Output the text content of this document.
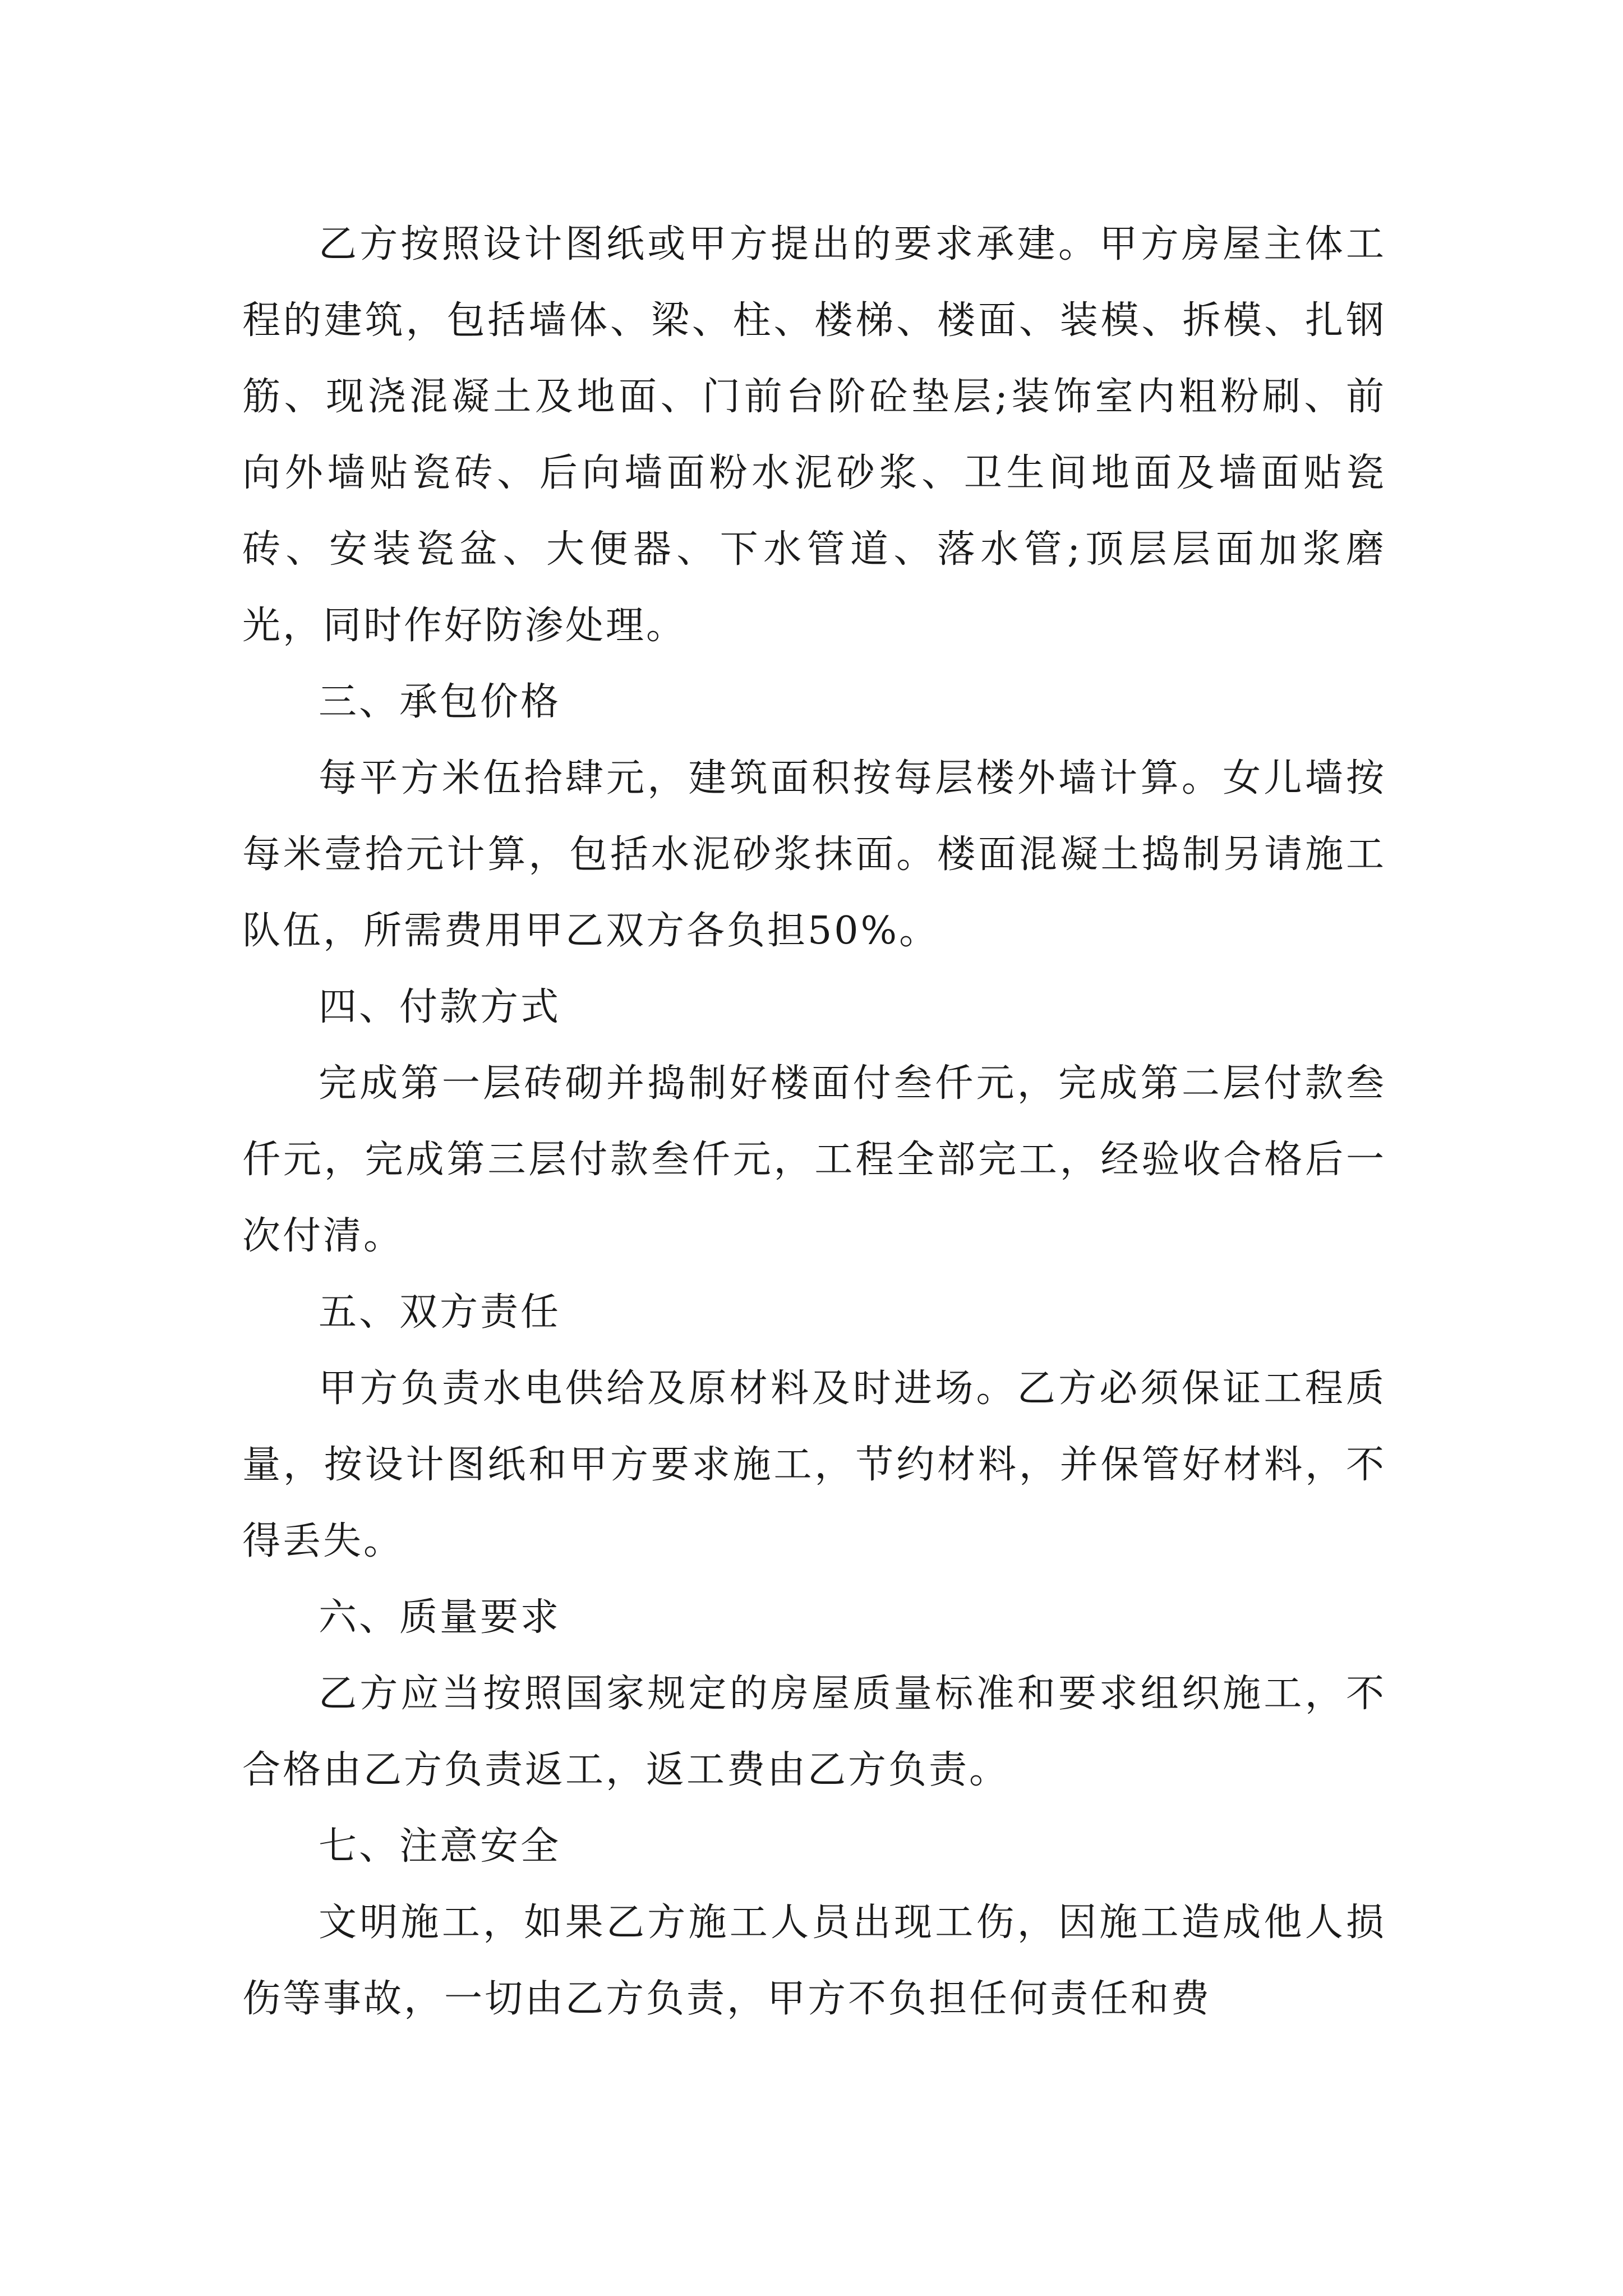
乙方按照设计图纸或甲方提出的要求承建。甲方房屋主体工程的建筑，包括墙体、梁、柱、楼梯、楼面、装模、拆模、扎钢筋、现浇混凝土及地面、门前台阶砼垫层;装饰室内粗粉刷、前向外墙贴瓷砖、后向墙面粉水泥砂浆、卫生间地面及墙面贴瓷砖、安装瓷盆、大便器、下水管道、落水管;顶层层面加浆磨光，同时作好防渗处理。

三、承包价格

每平方米伍拾肆元，建筑面积按每层楼外墙计算。女儿墙按每米壹拾元计算，包括水泥砂浆抹面。楼面混凝土捣制另请施工队伍，所需费用甲乙双方各负担50%。

四、付款方式

完成第一层砖砌并捣制好楼面付叁仟元，完成第二层付款叁仟元，完成第三层付款叁仟元，工程全部完工，经验收合格后一次付清。

五、双方责任

甲方负责水电供给及原材料及时进场。乙方必须保证工程质量，按设计图纸和甲方要求施工，节约材料，并保管好材料，不得丢失。

六、质量要求

乙方应当按照国家规定的房屋质量标准和要求组织施工，不合格由乙方负责返工，返工费由乙方负责。

七、注意安全

文明施工，如果乙方施工人员出现工伤，因施工造成他人损伤等事故，一切由乙方负责，甲方不负担任何责任和费
